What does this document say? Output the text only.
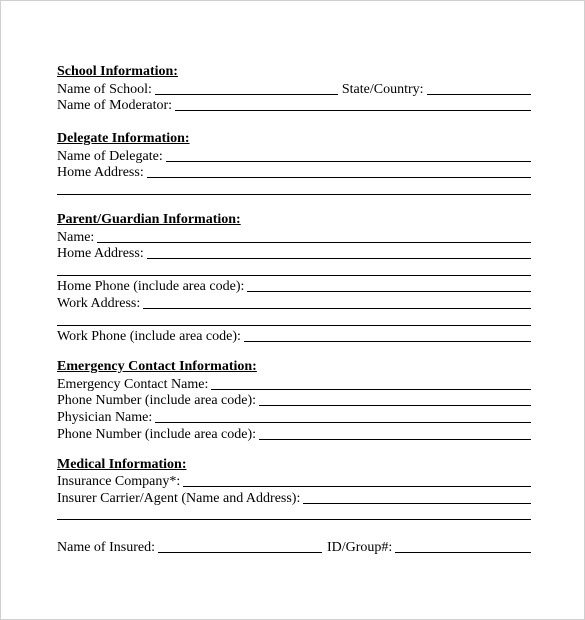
School Information:
Name of School:	State/Country:
Name of Moderator:
Delegate Information:
Name of Delegate:
Home Address:
Parent/Guardian Information:
Name:
Home Address:
Home Phone (include area code):
Work Address:
Work Phone (include area code):
Emergency Contact Information:
Emergency Contact Name:
Phone Number (include area code):
Physician Name:
Phone Number (include area code):
Medical Information:
Insurance Company*:
Insurer Carrier/Agent (Name and Address):
Name of Insured:	ID/Group#:
